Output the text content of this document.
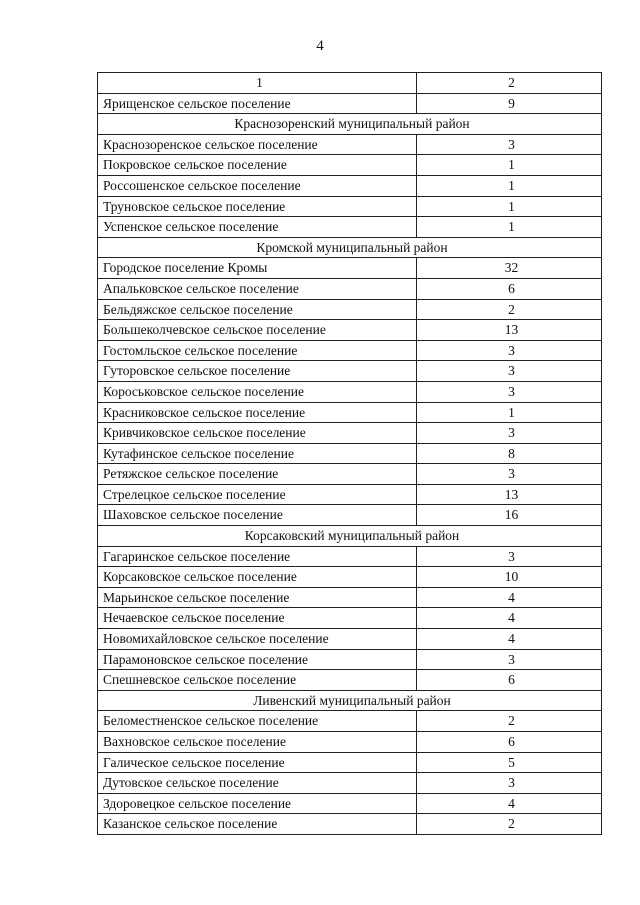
4
1	2
Ярищенское сельское поселение	9
Краснозоренский муниципальный район	
Краснозоренское сельское поселение	3
Покровское сельское поселение	1
Россошенское сельское поселение	1
Труновское сельское поселение	1
Успенское сельское поселение	1
Кромской муниципальный район	
Городское поселение Кромы	32
Апальковское сельское поселение	6
Бельдяжское сельское поселение	2
Большеколчевское сельское поселение	13
Гостомльское сельское поселение	3
Гуторовское сельское поселение	3
Короськовское сельское поселение	3
Красниковское сельское поселение	1
Кривчиковское сельское поселение	3
Кутафинское сельское поселение	8
Ретяжское сельское поселение	3
Стрелецкое сельское поселение	13
Шаховское сельское поселение	16
Корсаковский муниципальный район	
Гагаринское сельское поселение	3
Корсаковское сельское поселение	10
Марьинское сельское поселение	4
Нечаевское сельское поселение	4
Новомихайловское сельское поселение	4
Парамоновское сельское поселение	3
Спешневское сельское поселение	6
Ливенский муниципальный район	
Беломестненское сельское поселение	2
Вахновское сельское поселение	6
Галическое сельское поселение	5
Дутовское сельское поселение	3
Здоровецкое сельское поселение	4
Казанское сельское поселение	2
